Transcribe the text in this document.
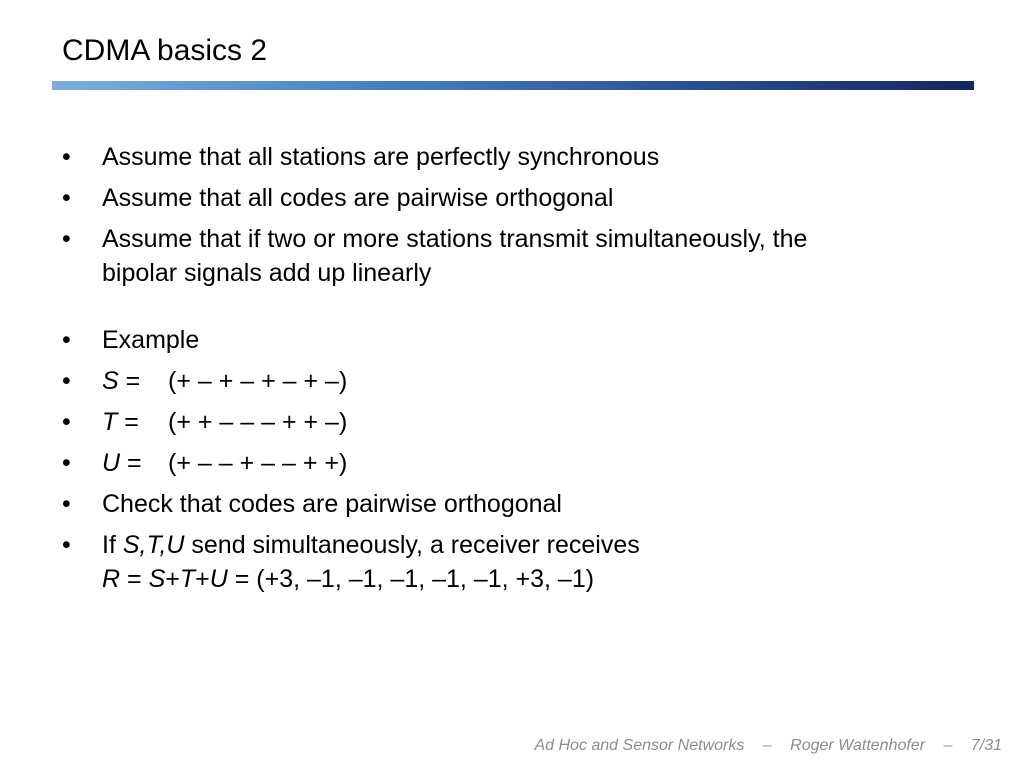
CDMA basics 2
• Assume that all stations are perfectly synchronous
• Assume that all codes are pairwise orthogonal
• Assume that if two or more stations transmit simultaneously, the
bipolar signals add up linearly
• Example
• S = (+ – + – + – + –)
• T = (+ + – – – + + –)
• U = (+ – – + – – + +)
• Check that codes are pairwise orthogonal
• If S,T,U send simultaneously, a receiver receives
R = S+T+U = (+3, –1, –1, –1, –1, –1, +3, –1)
Ad Hoc and Sensor Networks – Roger Wattenhofer – 7/31
